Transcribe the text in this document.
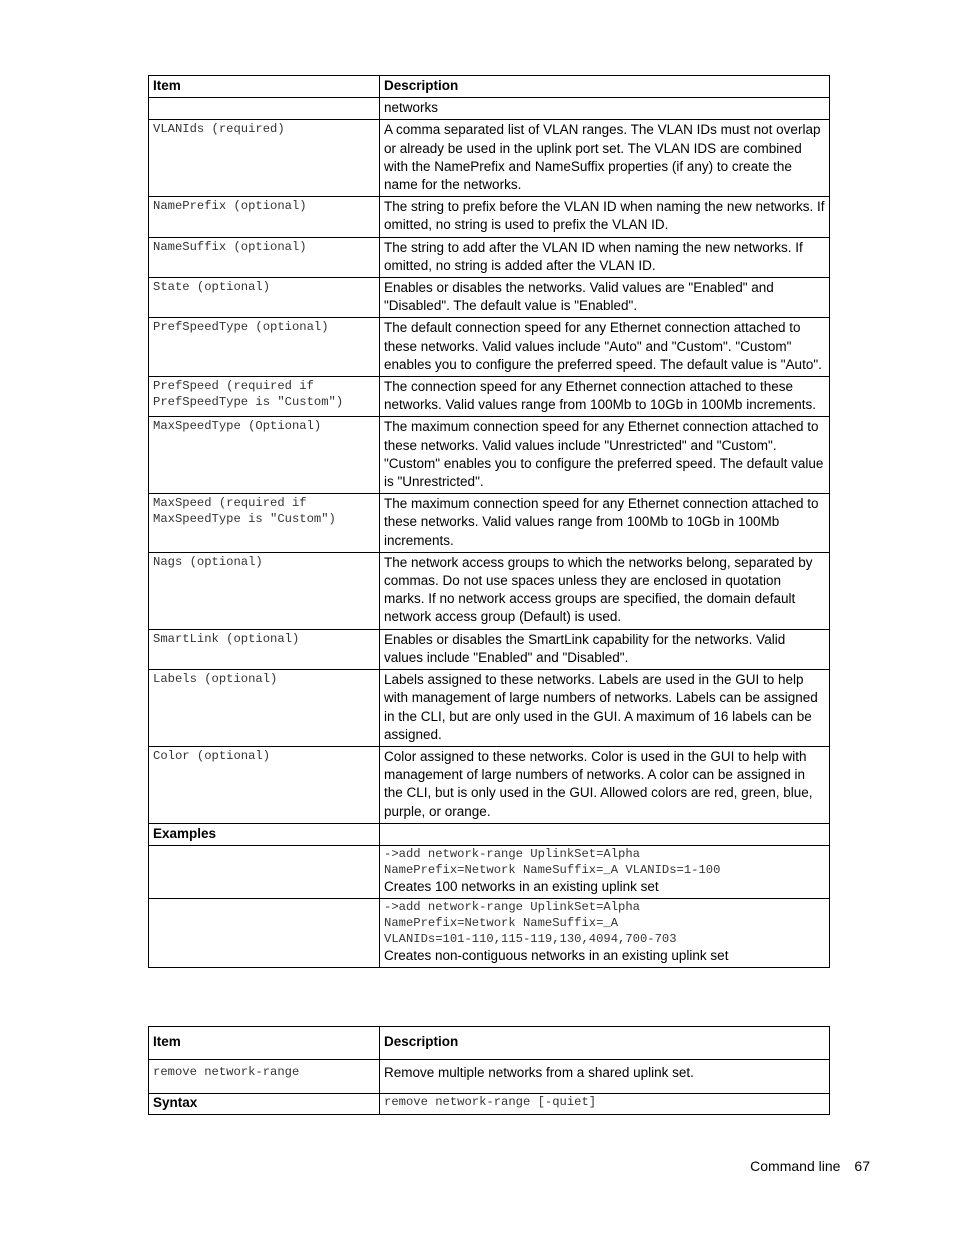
Item	Description
	networks
VLANIds (required)	A comma separated list of VLAN ranges. The VLAN IDs must not overlap or already be used in the uplink port set. The VLAN IDS are combined with the NamePrefix and NameSuffix properties (if any) to create the name for the networks.
NamePrefix (optional)	The string to prefix before the VLAN ID when naming the new networks. If omitted, no string is used to prefix the VLAN ID.
NameSuffix (optional)	The string to add after the VLAN ID when naming the new networks. If omitted, no string is added after the VLAN ID.
State (optional)	Enables or disables the networks. Valid values are "Enabled" and "Disabled". The default value is "Enabled".
PrefSpeedType (optional)	The default connection speed for any Ethernet connection attached to these networks. Valid values include "Auto" and "Custom". "Custom" enables you to configure the preferred speed. The default value is "Auto".
PrefSpeed (required if
PrefSpeedType is "Custom")	The connection speed for any Ethernet connection attached to these networks. Valid values range from 100Mb to 10Gb in 100Mb increments.
MaxSpeedType (Optional)	The maximum connection speed for any Ethernet connection attached to these networks. Valid values include "Unrestricted" and "Custom". "Custom" enables you to configure the preferred speed. The default value is "Unrestricted".
MaxSpeed (required if
MaxSpeedType is "Custom")	The maximum connection speed for any Ethernet connection attached to these networks. Valid values range from 100Mb to 10Gb in 100Mb increments.
Nags (optional)	The network access groups to which the networks belong, separated by commas. Do not use spaces unless they are enclosed in quotation marks. If no network access groups are specified, the domain default network access group (Default) is used.
SmartLink (optional)	Enables or disables the SmartLink capability for the networks. Valid values include "Enabled" and "Disabled".
Labels (optional)	Labels assigned to these networks. Labels are used in the GUI to help with management of large numbers of networks. Labels can be assigned in the CLI, but are only used in the GUI. A maximum of 16 labels can be assigned.
Color (optional)	Color assigned to these networks. Color is used in the GUI to help with management of large numbers of networks. A color can be assigned in the CLI, but is only used in the GUI. Allowed colors are red, green, blue, purple, or orange.
Examples	

	->add network-range UplinkSet=Alpha
NamePrefix=Network NameSuffix=_A VLANIDs=1-100
Creates 100 networks in an existing uplink set

	->add network-range UplinkSet=Alpha
NamePrefix=Network NameSuffix=_A
VLANIDs=101-110,115-119,130,4094,700-703
Creates non-contiguous networks in an existing uplink set
Item	Description
remove network-range	Remove multiple networks from a shared uplink set.
Syntax	remove network-range [-quiet]
Command line 67
